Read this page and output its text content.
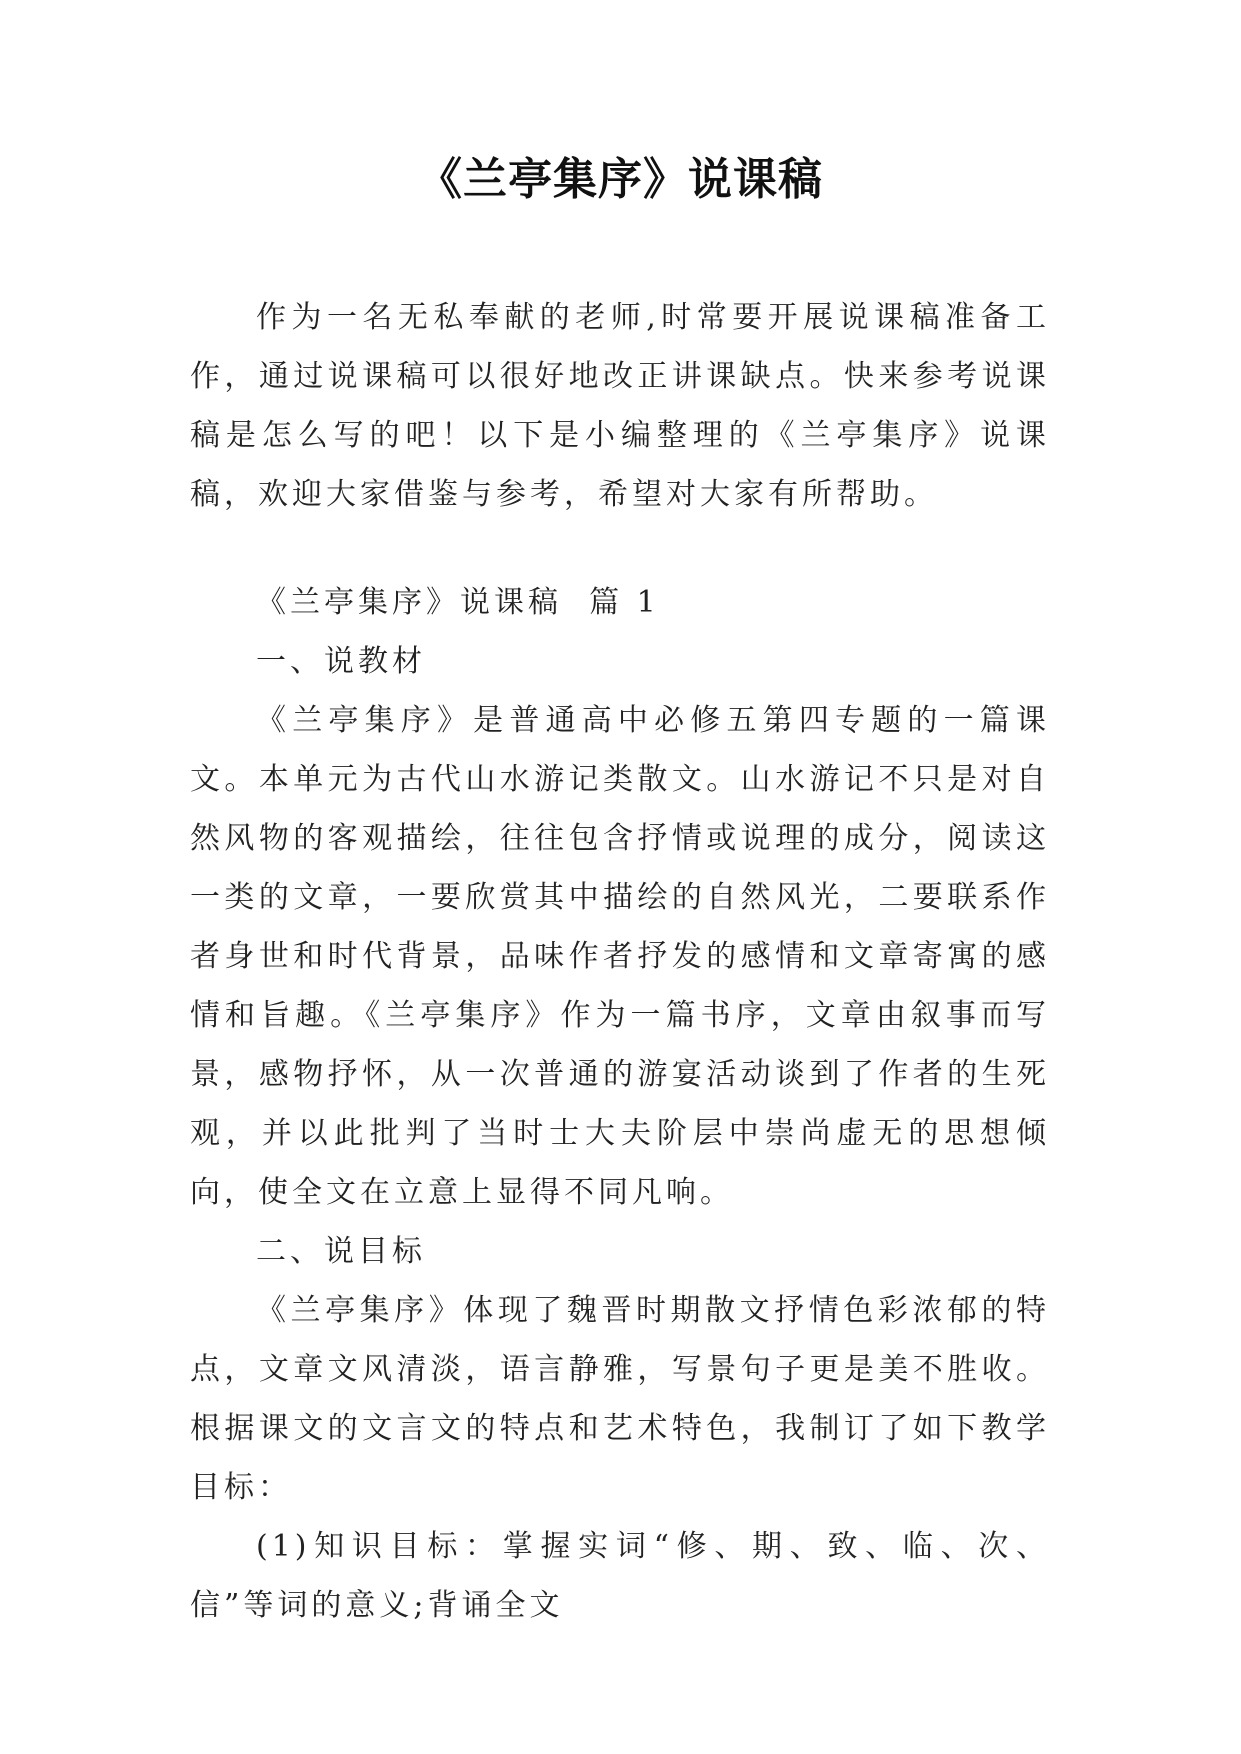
《兰亭集序》说课稿

作为一名无私奉献的老师,时常要开展说课稿准备工作，通过说课稿可以很好地改正讲课缺点。快来参考说课稿是怎么写的吧！以下是小编整理的《兰亭集序》说课稿，欢迎大家借鉴与参考，希望对大家有所帮助。

《兰亭集序》说课稿  篇 1

一、说教材

《兰亭集序》是普通高中必修五第四专题的一篇课文。本单元为古代山水游记类散文。山水游记不只是对自然风物的客观描绘，往往包含抒情或说理的成分，阅读这一类的文章，一要欣赏其中描绘的自然风光，二要联系作者身世和时代背景，品味作者抒发的感情和文章寄寓的感情和旨趣。《兰亭集序》作为一篇书序，文章由叙事而写景，感物抒怀，从一次普通的游宴活动谈到了作者的生死观，并以此批判了当时士大夫阶层中崇尚虚无的思想倾向，使全文在立意上显得不同凡响。

二、说目标

《兰亭集序》体现了魏晋时期散文抒情色彩浓郁的特点，文章文风清淡，语言静雅，写景句子更是美不胜收。根据课文的文言文的特点和艺术特色，我制订了如下教学目标：

(1)知识目标：掌握实词“修、期、致、临、次、信”等词的意义;背诵全文
